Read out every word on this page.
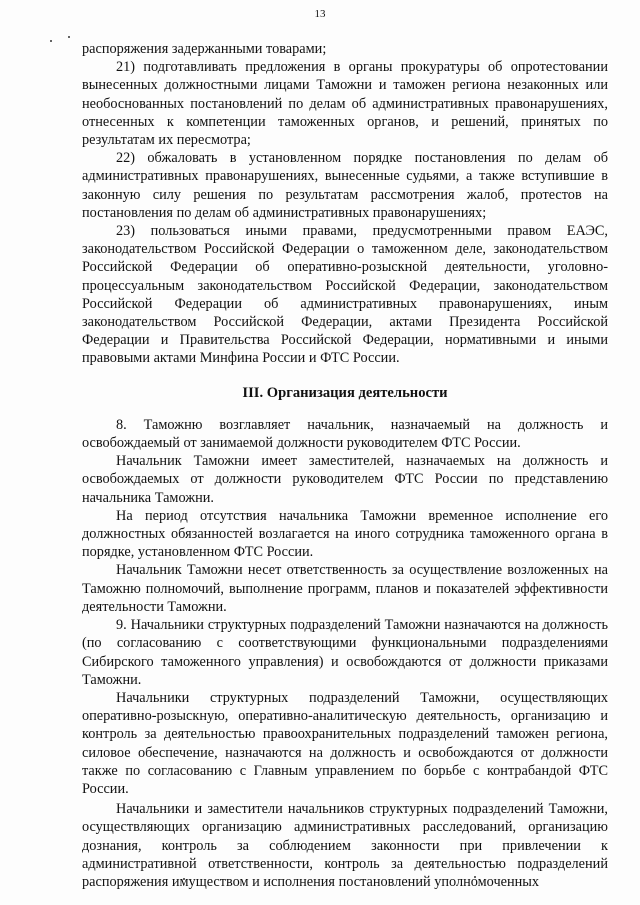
13

распоряжения задержанными товарами;

21) подготавливать предложения в органы прокуратуры об опротестовании вынесенных должностными лицами Таможни и таможен региона незаконных или необоснованных постановлений по делам об административных правонарушениях, отнесенных к компетенции таможенных органов, и решений, принятых по результатам их пересмотра;

22) обжаловать в установленном порядке постановления по делам об административных правонарушениях, вынесенные судьями, а также вступившие в законную силу решения по результатам рассмотрения жалоб, протестов на постановления по делам об административных правонарушениях;

23) пользоваться иными правами, предусмотренными правом ЕАЭС, законодательством Российской Федерации о таможенном деле, законодательством Российской Федерации об оперативно-розыскной деятельности, уголовно-процессуальным законодательством Российской Федерации, законодательством Российской Федерации об административных правонарушениях, иным законодательством Российской Федерации, актами Президента Российской Федерации и Правительства Российской Федерации, нормативными и иными правовыми актами Минфина России и ФТС России.

III. Организация деятельности

8. Таможню возглавляет начальник, назначаемый на должность и освобождаемый от занимаемой должности руководителем ФТС России.

Начальник Таможни имеет заместителей, назначаемых на должность и освобождаемых от должности руководителем ФТС России по представлению начальника Таможни.

На период отсутствия начальника Таможни временное исполнение его должностных обязанностей возлагается на иного сотрудника таможенного органа в порядке, установленном ФТС России.

Начальник Таможни несет ответственность за осуществление возложенных на Таможню полномочий, выполнение программ, планов и показателей эффективности деятельности Таможни.

9. Начальники структурных подразделений Таможни назначаются на должность (по согласованию с соответствующими функциональными подразделениями Сибирского таможенного управления) и освобождаются от должности приказами Таможни.

Начальники структурных подразделений Таможни, осуществляющих оперативно-розыскную, оперативно-аналитическую деятельность, организацию и контроль за деятельностью правоохранительных подразделений таможен региона, силовое обеспечение, назначаются на должность и освобождаются от должности также по согласованию с Главным управлением по борьбе с контрабандой ФТС России.

Начальники и заместители начальников структурных подразделений Таможни, осуществляющих организацию административных расследований, организацию дознания, контроль за соблюдением законности при привлечении к административной ответственности, контроль за деятельностью подразделений распоряжения имуществом и исполнения постановлений уполномоченных
